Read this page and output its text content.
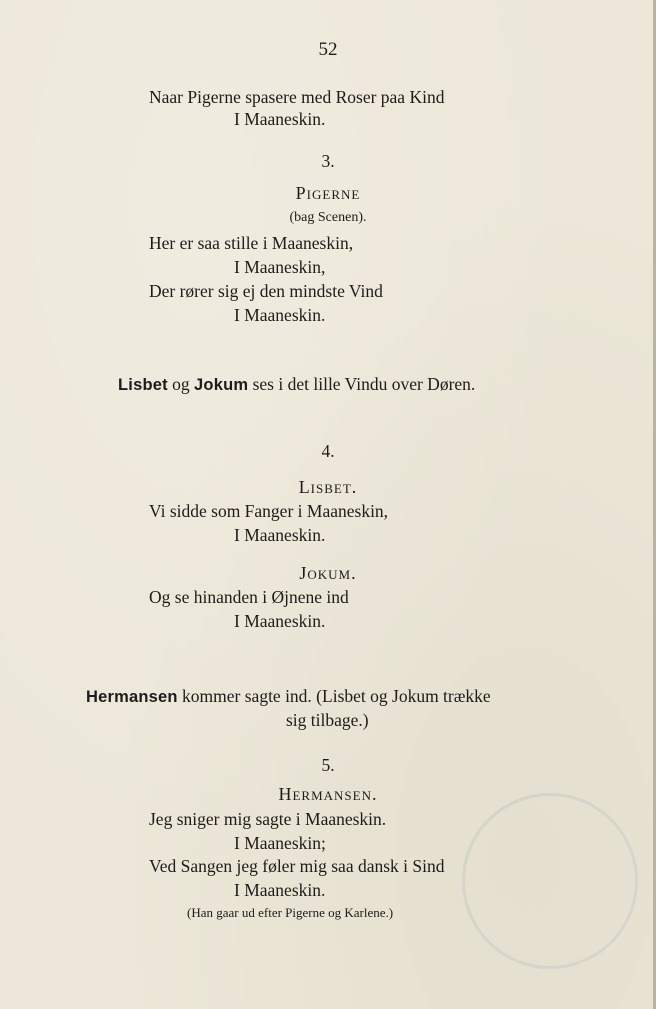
52
Naar Pigerne spasere med Roser paa Kind
I Maaneskin.
3.
Pigerne
(bag Scenen).
Her er saa stille i Maaneskin,
I Maaneskin,
Der rører sig ej den mindste Vind
I Maaneskin.
Lisbet og Jokum ses i det lille Vindu over Døren.
4.
Lisbet.
Vi sidde som Fanger i Maaneskin,
I Maaneskin.
Jokum.
Og se hinanden i Øjnene ind
I Maaneskin.
Hermansen kommer sagte ind. (Lisbet og Jokum trække
sig tilbage.)
5.
Hermansen.
Jeg sniger mig sagte i Maaneskin.
I Maaneskin;
Ved Sangen jeg føler mig saa dansk i Sind
I Maaneskin.
(Han gaar ud efter Pigerne og Karlene.)
